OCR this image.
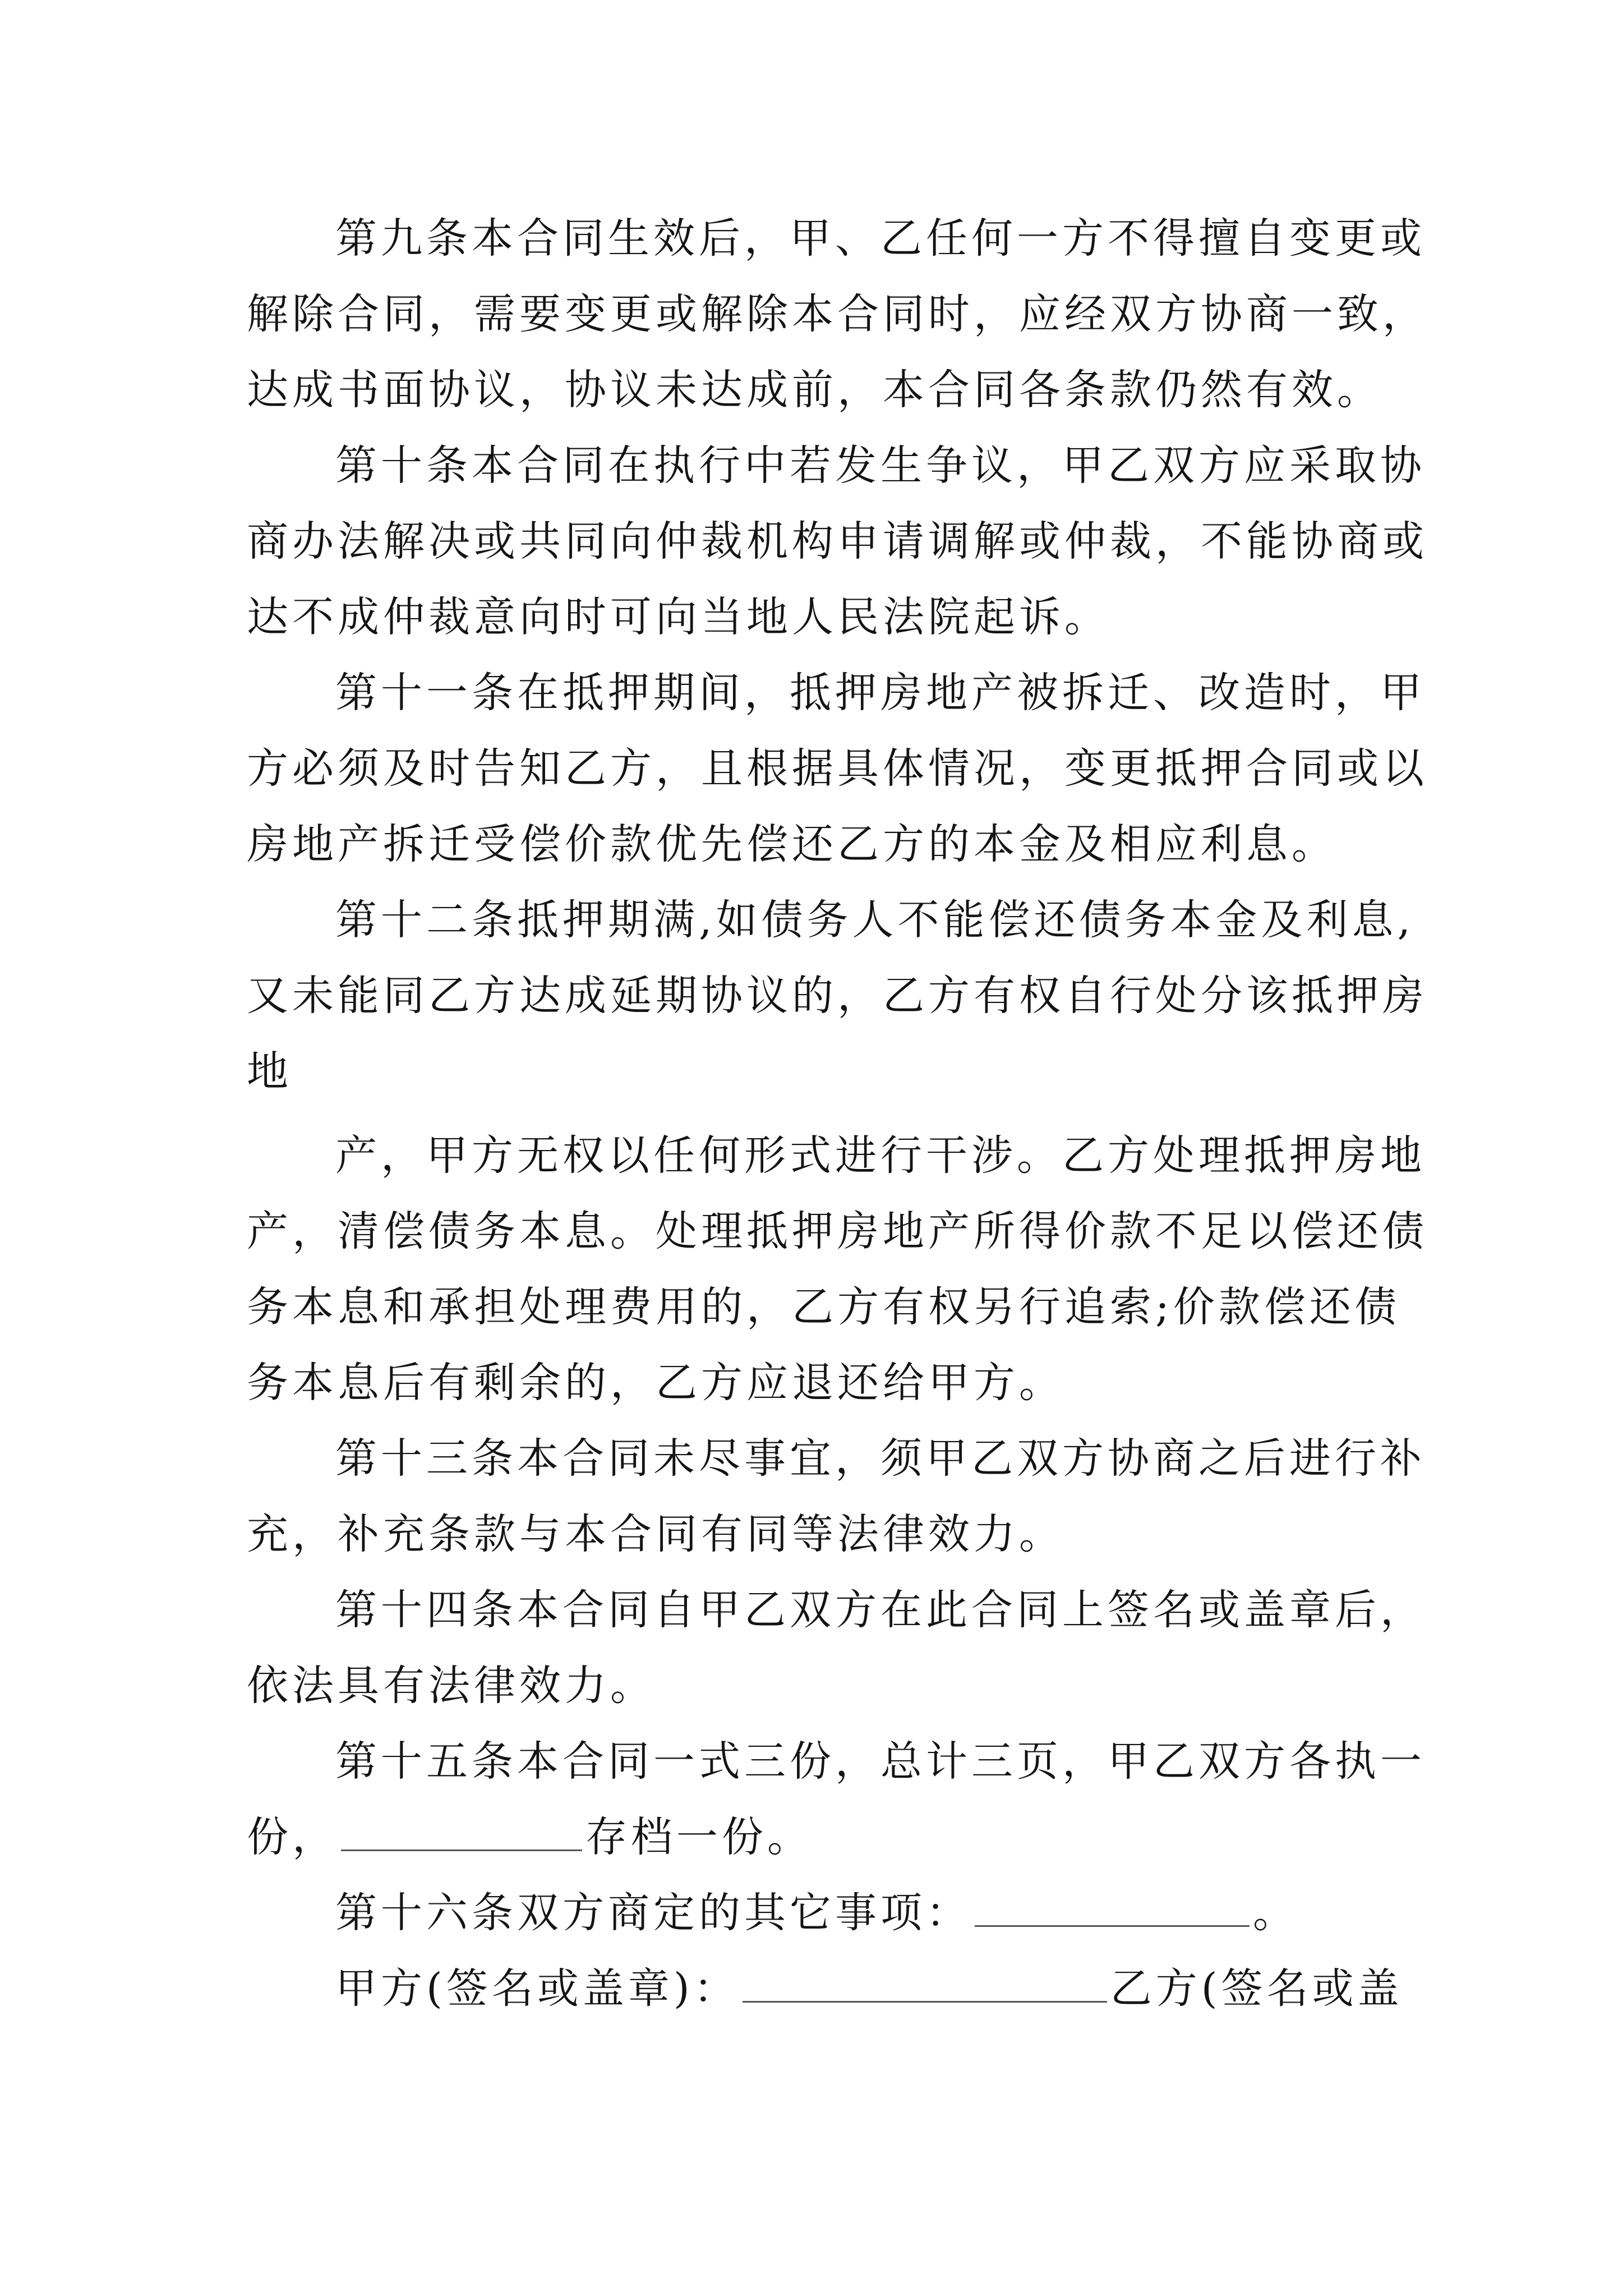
第九条本合同生效后，甲、乙任何一方不得擅自变更或
解除合同，需要变更或解除本合同时，应经双方协商一致，
达成书面协议，协议未达成前，本合同各条款仍然有效。
第十条本合同在执行中若发生争议，甲乙双方应采取协
商办法解决或共同向仲裁机构申请调解或仲裁，不能协商或
达不成仲裁意向时可向当地人民法院起诉。
第十一条在抵押期间，抵押房地产被拆迁、改造时，甲
方必须及时告知乙方，且根据具体情况，变更抵押合同或以
房地产拆迁受偿价款优先偿还乙方的本金及相应利息。
第十二条抵押期满,如债务人不能偿还债务本金及利息,
又未能同乙方达成延期协议的，乙方有权自行处分该抵押房
地
产，甲方无权以任何形式进行干涉。乙方处理抵押房地
产，清偿债务本息。处理抵押房地产所得价款不足以偿还债
务本息和承担处理费用的，乙方有权另行追索;价款偿还债
务本息后有剩余的，乙方应退还给甲方。
第十三条本合同未尽事宜，须甲乙双方协商之后进行补
充，补充条款与本合同有同等法律效力。
第十四条本合同自甲乙双方在此合同上签名或盖章后，
依法具有法律效力。
第十五条本合同一式三份，总计三页，甲乙双方各执一
份，	存档一份。
第十六条双方商定的其它事项：	。
甲方(签名或盖章)：	乙方(签名或盖
